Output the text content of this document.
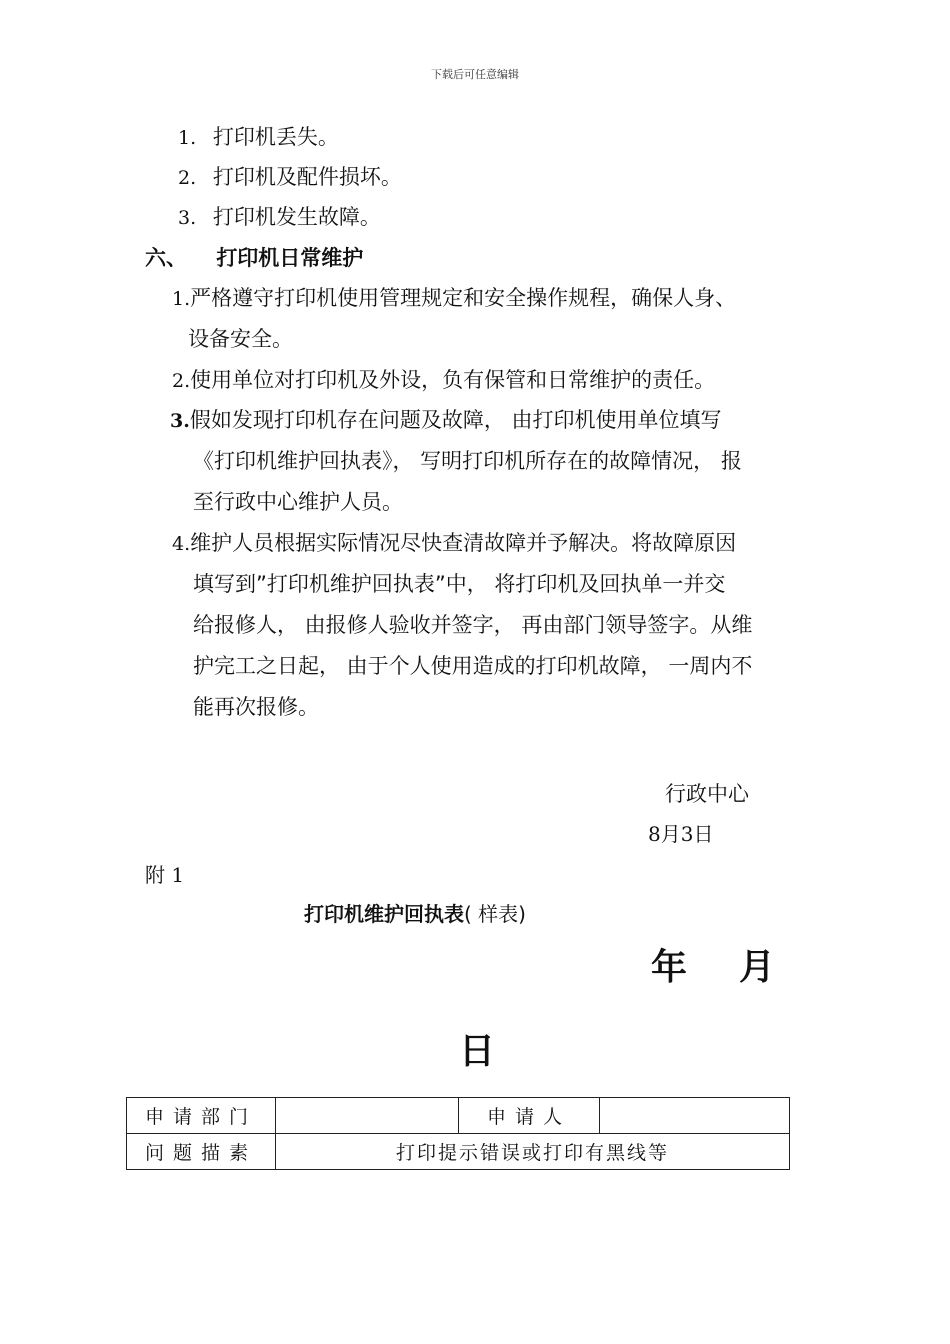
下载后可任意编辑
1. 打印机丢失。
2. 打印机及配件损坏。
3. 打印机发生故障。
六、 打印机日常维护
1.严格遵守打印机使用管理规定和安全操作规程，确保人身、
设备安全。
2.使用单位对打印机及外设，负有保管和日常维护的责任。
3.假如发现打印机存在问题及故障， 由打印机使用单位填写
《打印机维护回执表》， 写明打印机所存在的故障情况， 报
至行政中心维护人员。
4.维护人员根据实际情况尽快查清故障并予解决。将故障原因
填写到”打印机维护回执表”中， 将打印机及回执单一并交
给报修人， 由报修人验收并签字， 再由部门领导签字。从维
护完工之日起， 由于个人使用造成的打印机故障， 一周内不
能再次报修。
行政中心
8月3日
附 1
打印机维护回执表( 样表)
年 月
日
申请部门		申请人	
问题描素	打印提示错误或打印有黑线等		
